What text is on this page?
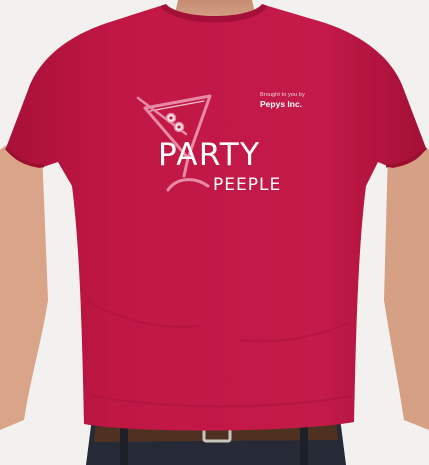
Brought to you by
Pepys Inc.
PARTY
PEEPLE
